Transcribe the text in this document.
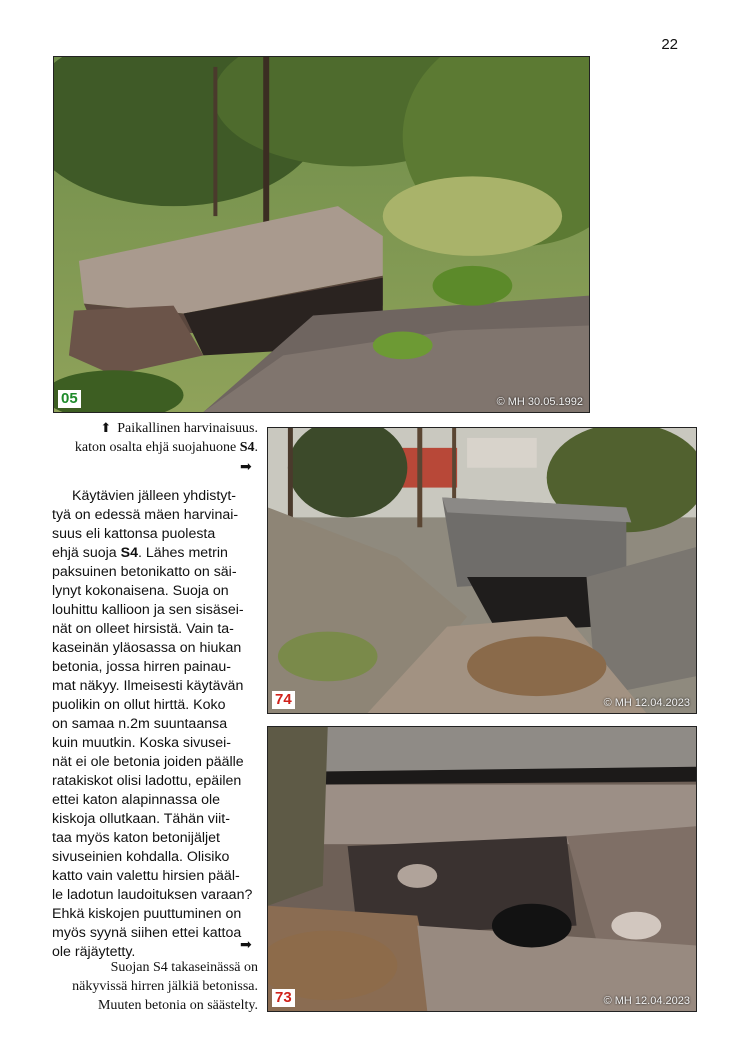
22
05	© MH 30.05.1992
⬆ Paikallinen harvinaisuus.
katon osalta ehjä suojahuone S4.
➡

Käytävien jälleen yhdistyt-
tyä on edessä mäen harvinai-
suus eli kattonsa puolesta
ehjä suoja S4. Lähes metrin
paksuinen betonikatto on säi-
lynyt kokonaisena. Suoja on
louhittu kallioon ja sen sisäsei-
nät on olleet hirsistä. Vain ta-
kaseinän yläosassa on hiukan
betonia, jossa hirren painau-
mat näkyy. Ilmeisesti käytävän
puolikin on ollut hirttä. Koko
on samaa n.2m suuntaansa
kuin muutkin. Koska sivusei-
nät ei ole betonia joiden päälle
ratakiskot olisi ladottu, epäilen
ettei katon alapinnassa ole
kiskoja ollutkaan. Tähän viit-
taa myös katon betonijäljet
sivuseinien kohdalla. Olisiko
katto vain valettu hirsien pääl-
le ladotun laudoituksen varaan?
Ehkä kiskojen puuttuminen on
myös syynä siihen ettei kattoa
ole räjäytetty.

74	© MH 12.04.2023
73	© MH 12.04.2023
➡
Suojan S4 takaseinässä on
näkyvissä hirren jälkiä betonissa.
Muuten betonia on säästelty.
